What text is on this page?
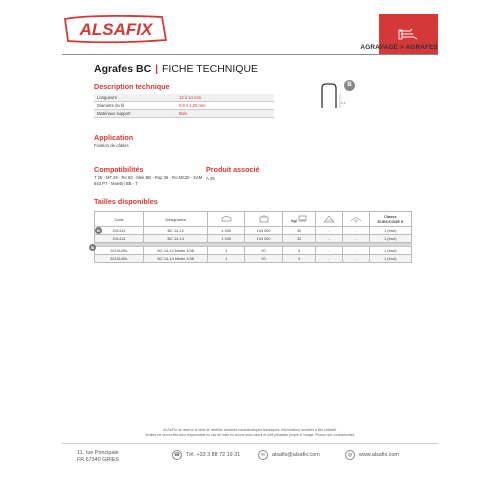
ALSAFIX
AGRAFAGE > AGRAFES
Agrafes BC | FICHE TECHNIQUE
Description technique
Longueurs	12 à 14 mm
Diamètre du fil	0,6 x 1,25 mm
Matériaux support	Bois
1,2
B
Application
Fixation de câbles
Compatibilités
T 25 - MT 25 - Ro 88 - Mek BB - Rap 36 - Ro MS20 - SAM 643 P7 - Maestri BB - T
Produit associé
A 25
Tailles disponibles
Code	Désignation			kg/			Classe
EUROCODE 5

201412	BC 14-12	1 000	154 000	30	-	-	1 (brut)
201414	BC 14-14	1 000	154 000	32	-	-	1 (brut)

201412BL	BC 14-12 blister 1/48	1	20	3	-	-	1 (brut)
201414BL	BC 14-14 blister 1/48	1	20	3	-	-	1 (brut)
B
B
ALSAFIX se réserve le droit de modifier certaines caractéristiques techniques. Informations données à titre indicatif.
Veuillez ne seront être tenu responsable en cas de mise en œuvre avec calcul et outil préalable propre à l'usage. Photos non contractuelles.
11, rue Principale
FR 67340 GRIES
☎	Tél. +33 3 88 72 19 31	✉	alsafix@alsafix.com	◍	www.alsafix.com
